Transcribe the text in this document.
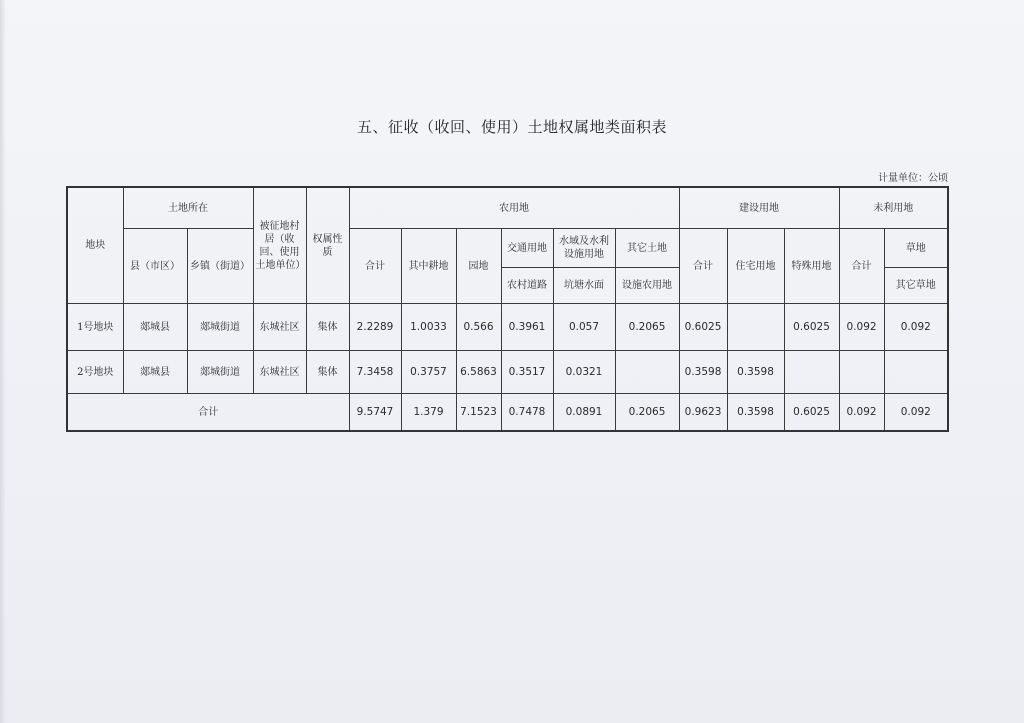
五、征收（收回、使用）土地权属地类面积表
计量单位：公顷
地块	土地所在		被征地村居（收回、使用土地单位）	权属性质	农用地						建设用地			未利用地	
	县（市区）	乡镇（街道）			合计	其中耕地	园地	交通用地	水域及水利设施用地	其它土地	合计	住宅用地	特殊用地	合计	草地
								农村道路	坑塘水面	设施农用地					其它草地
1号地块	郯城县	郯城街道	东城社区	集体	2.2289	1.0033	0.566	0.3961	0.057	0.2065	0.6025		0.6025	0.092	0.092
2号地块	郯城县	郯城街道	东城社区	集体	7.3458	0.3757	6.5863	0.3517	0.0321		0.3598	0.3598			
合计					9.5747	1.379	7.1523	0.7478	0.0891	0.2065	0.9623	0.3598	0.6025	0.092	0.092
